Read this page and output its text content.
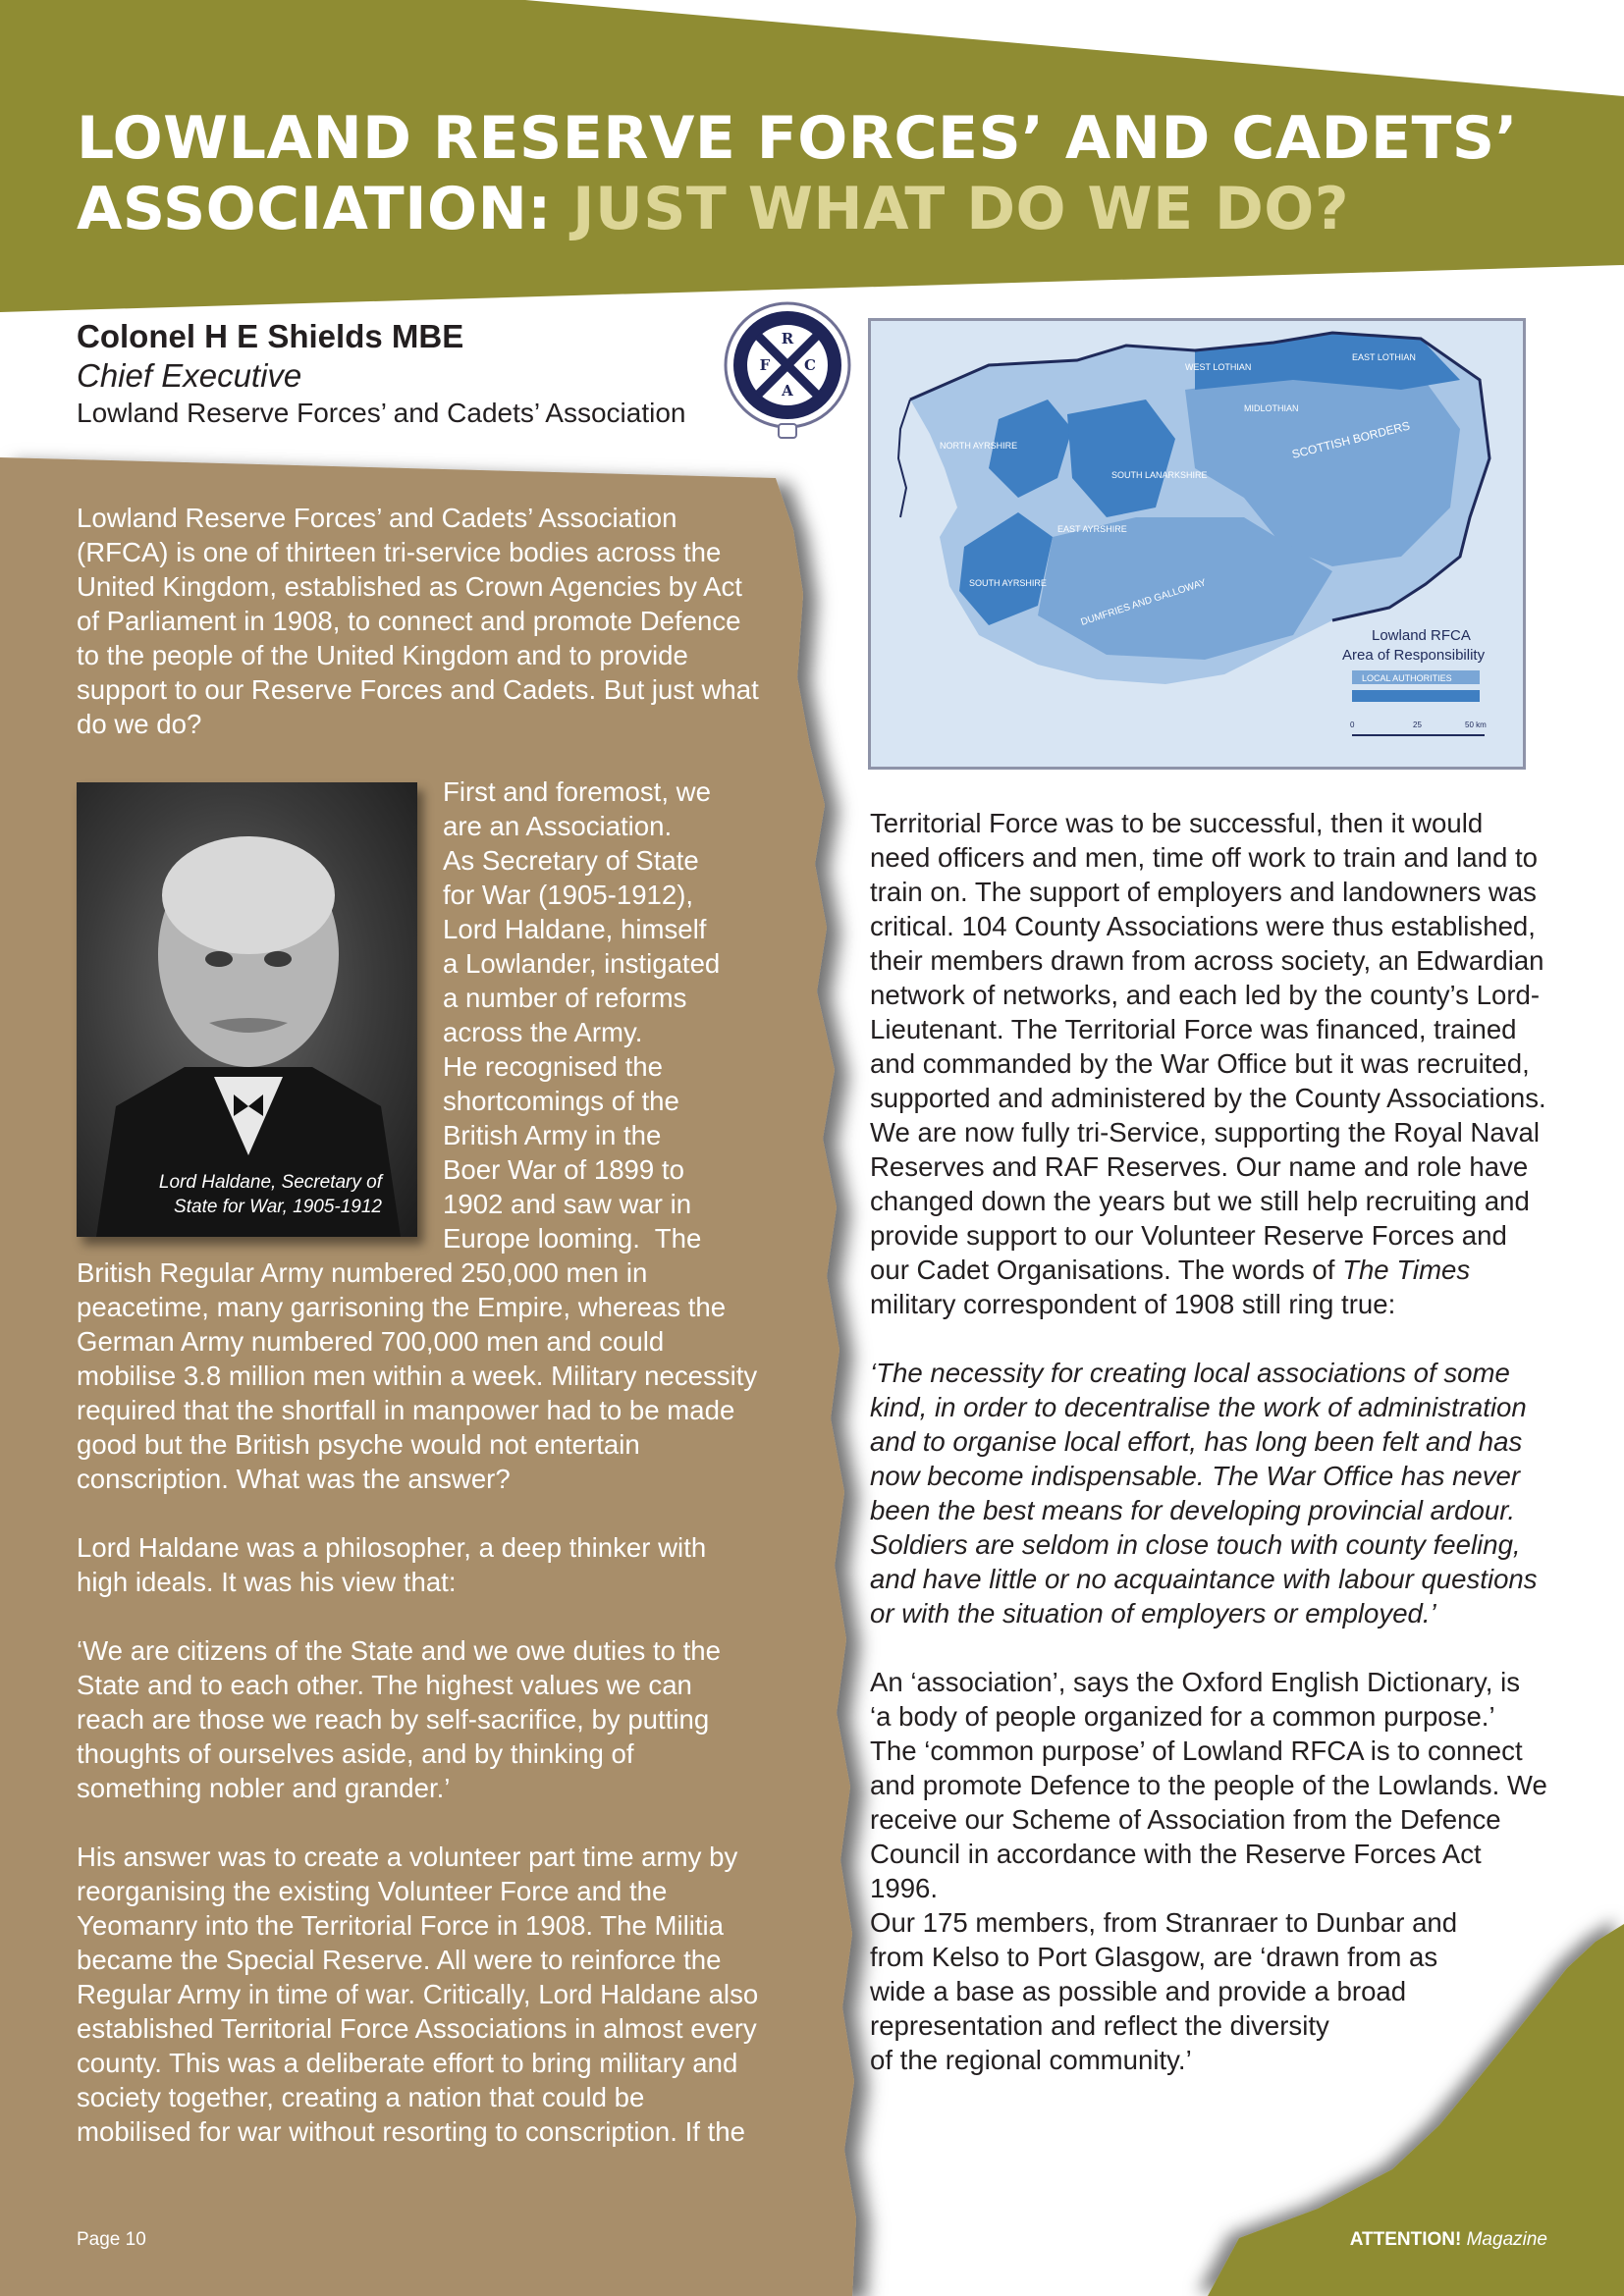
LOWLAND RESERVE FORCES’ AND CADETS’
ASSOCIATION: JUST WHAT DO WE DO?
Colonel H E Shields MBE
Chief Executive
Lowland Reserve Forces’ and Cadets’ Association
R
F C
A
NORTH AYRSHIRE
EAST AYRSHIRE
SOUTH LANARKSHIRE
SOUTH AYRSHIRE	DUMFRIES AND GALLOWAY
SCOTTISH BORDERS
MIDLOTHIAN
EAST LOTHIAN
WEST LOTHIAN
Lowland RFCA
Area of Responsibility
LOCAL AUTHORITIES
0	25	50 km

Lowland Reserve Forces’ and Cadets’ Association (RFCA) is one of thirteen tri-service bodies across the United Kingdom, established as Crown Agencies by Act of Parliament in 1908, to connect and promote Defence to the people of the United Kingdom and to provide support to our Reserve Forces and Cadets. But just what do we do?

Lord Haldane, Secretary of
State for War, 1905-1912
First and foremost, we
are an Association.
As Secretary of State
for War (1905-1912),
Lord Haldane, himself
a Lowlander, instigated
a number of reforms
across the Army.
He recognised the
shortcomings of the
British Army in the
Boer War of 1899 to
1902 and saw war in
Europe looming.  The

British Regular Army numbered 250,000 men in peacetime, many garrisoning the Empire, whereas the German Army numbered 700,000 men and could mobilise 3.8 million men within a week. Military necessity required that the shortfall in manpower had to be made good but the British psyche would not entertain conscription. What was the answer?

Lord Haldane was a philosopher, a deep thinker with high ideals. It was his view that:

‘We are citizens of the State and we owe duties to the State and to each other. The highest values we can reach are those we reach by self-sacrifice, by putting thoughts of ourselves aside, and by thinking of something nobler and grander.’

His answer was to create a volunteer part time army by reorganising the existing Volunteer Force and the Yeomanry into the Territorial Force in 1908. The Militia became the Special Reserve. All were to reinforce the Regular Army in time of war. Critically, Lord Haldane also established Territorial Force Associations in almost every county. This was a deliberate effort to bring military and society together, creating a nation that could be mobilised for war without resorting to conscription. If the

Territorial Force was to be successful, then it would need officers and men, time off work to train and land to train on. The support of employers and landowners was critical. 104 County Associations were thus established, their members drawn from across society, an Edwardian network of networks, and each led by the county’s Lord-Lieutenant. The Territorial Force was financed, trained and commanded by the War Office but it was recruited, supported and administered by the County Associations. We are now fully tri-Service, supporting the Royal Naval Reserves and RAF Reserves. Our name and role have changed down the years but we still help recruiting and provide support to our Volunteer Reserve Forces and our Cadet Organisations. The words of The Times military correspondent of 1908 still ring true:

‘The necessity for creating local associations of some kind, in order to decentralise the work of administration and to organise local effort, has long been felt and has now become indispensable. The War Office has never been the best means for developing provincial ardour. Soldiers are seldom in close touch with county feeling, and have little or no acquaintance with labour questions or with the situation of employers or employed.’

An ‘association’, says the Oxford English Dictionary, is ‘a body of people organized for a common purpose.’ The ‘common purpose’ of Lowland RFCA is to connect and promote Defence to the people of the Lowlands. We receive our Scheme of Association from the Defence Council in accordance with the Reserve Forces Act 1996.

Our 175 members, from Stranraer to Dunbar and
from Kelso to Port Glasgow, are ‘drawn from as
wide a base as possible and provide a broad
representation and reflect the diversity
of the regional community.’
Page 10	ATTENTION! Magazine
